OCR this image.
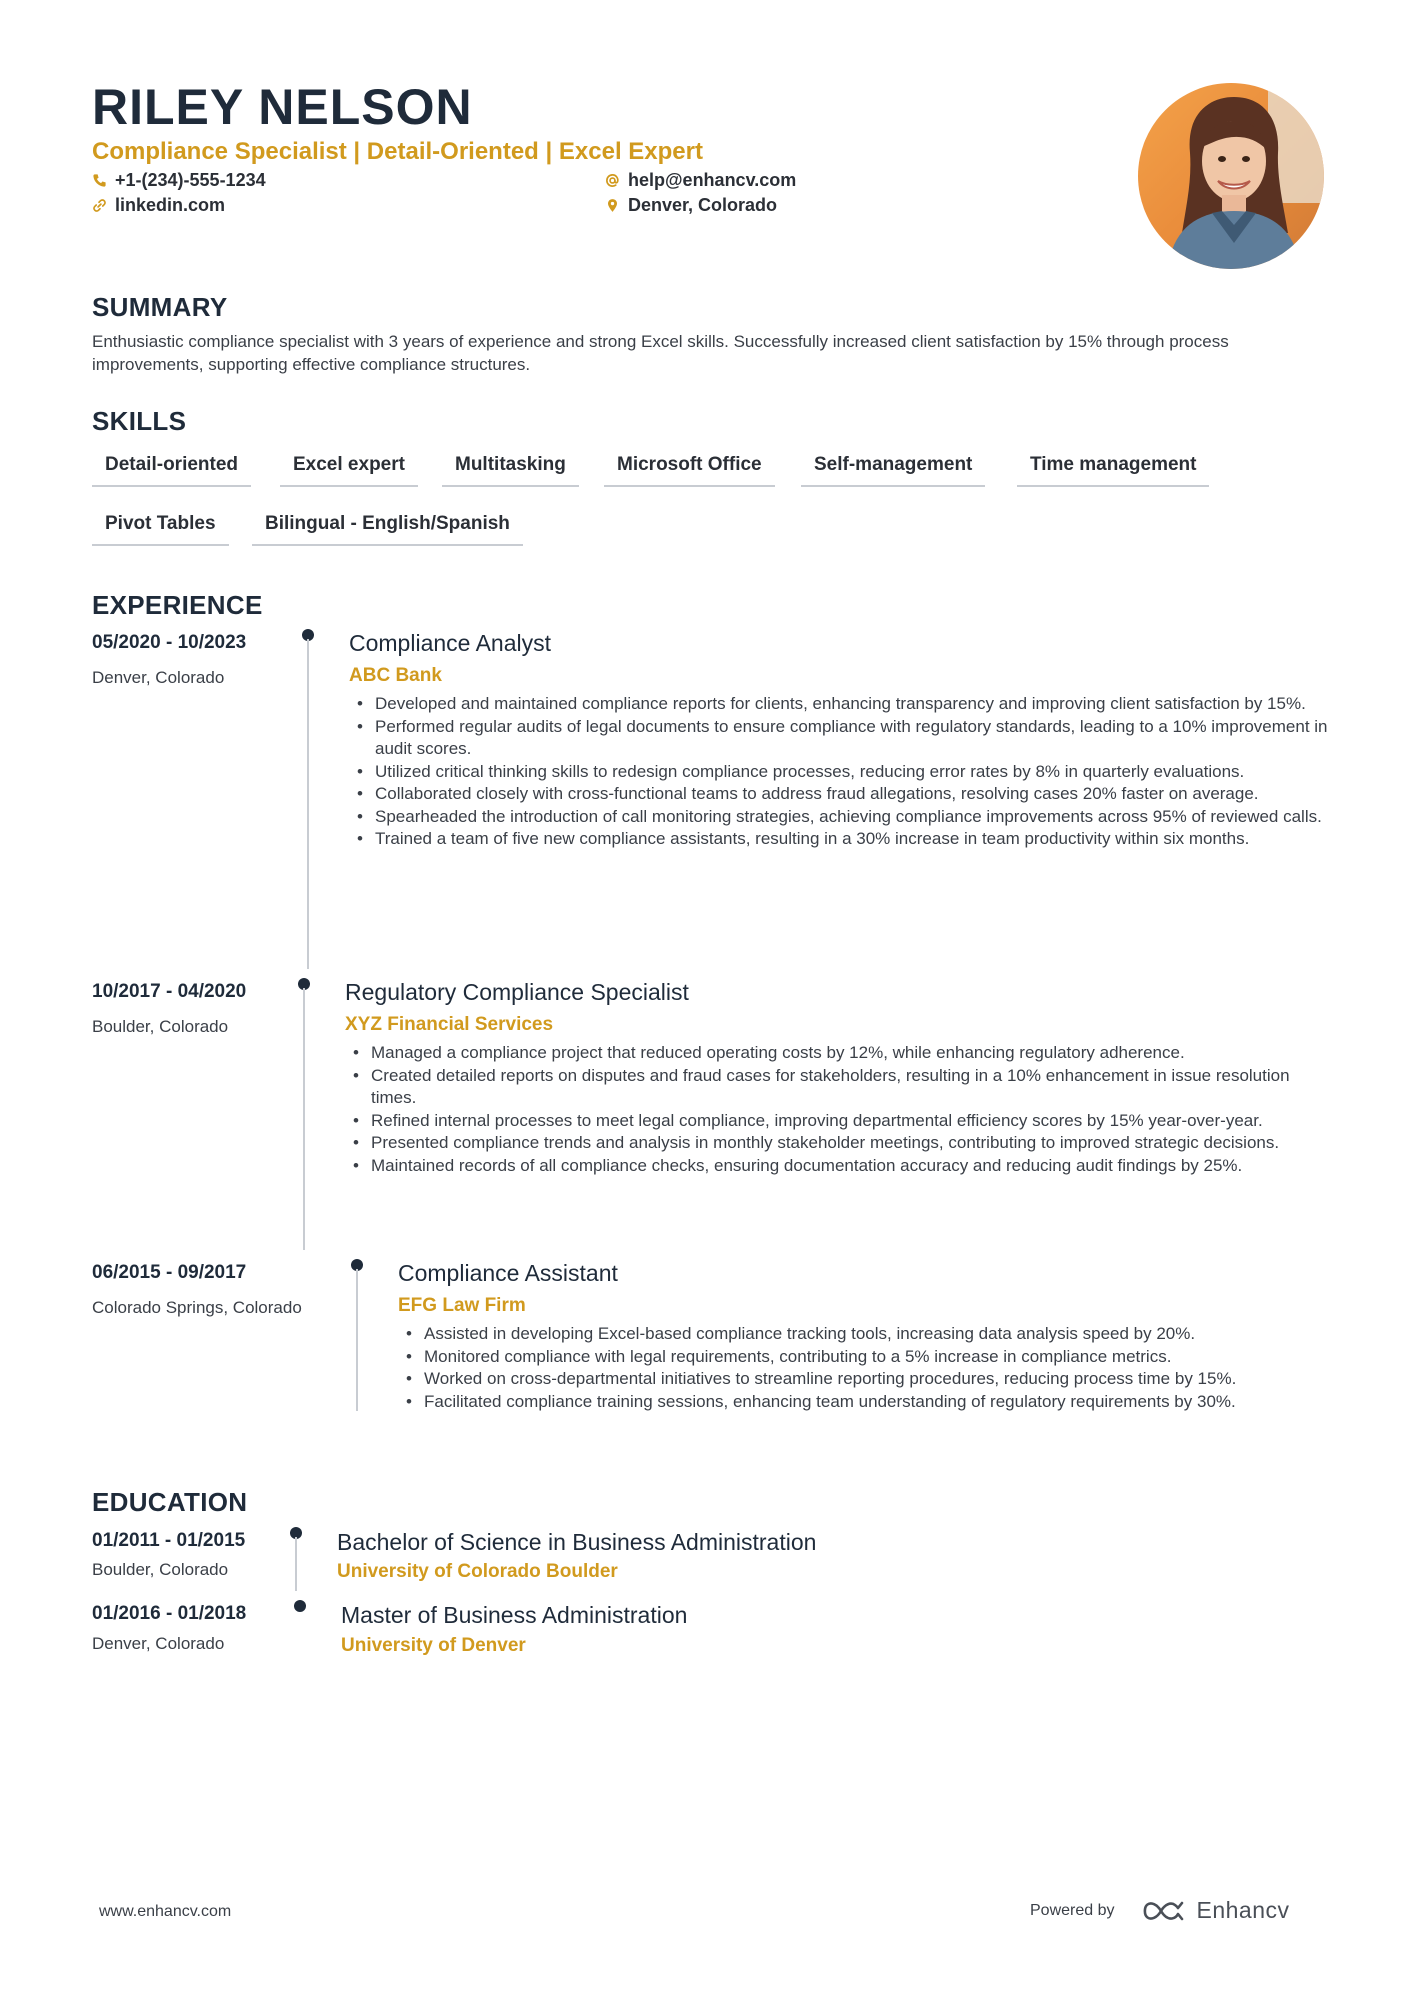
RILEY NELSON
Compliance Specialist | Detail-Oriented | Excel Expert
+1-(234)-555-1234	help@enhancv.com
linkedin.com	Denver, Colorado
SUMMARY
Enthusiastic compliance specialist with 3 years of experience and strong Excel skills. Successfully increased client satisfaction by 15% through process improvements, supporting effective compliance structures.
SKILLS
Detail-oriented	Excel expert	Multitasking	Microsoft Office	Self-management	Time management
Pivot Tables	Bilingual - English/Spanish
EXPERIENCE
05/2020 - 10/2023
Denver, Colorado
Compliance Analyst
ABC Bank
• Developed and maintained compliance reports for clients, enhancing transparency and improving client satisfaction by 15%.
• Performed regular audits of legal documents to ensure compliance with regulatory standards, leading to a 10% improvement in audit scores.
• Utilized critical thinking skills to redesign compliance processes, reducing error rates by 8% in quarterly evaluations.
• Collaborated closely with cross-functional teams to address fraud allegations, resolving cases 20% faster on average.
• Spearheaded the introduction of call monitoring strategies, achieving compliance improvements across 95% of reviewed calls.
• Trained a team of five new compliance assistants, resulting in a 30% increase in team productivity within six months.
10/2017 - 04/2020
Boulder, Colorado
Regulatory Compliance Specialist
XYZ Financial Services
• Managed a compliance project that reduced operating costs by 12%, while enhancing regulatory adherence.
• Created detailed reports on disputes and fraud cases for stakeholders, resulting in a 10% enhancement in issue resolution times.
• Refined internal processes to meet legal compliance, improving departmental efficiency scores by 15% year-over-year.
• Presented compliance trends and analysis in monthly stakeholder meetings, contributing to improved strategic decisions.
• Maintained records of all compliance checks, ensuring documentation accuracy and reducing audit findings by 25%.
06/2015 - 09/2017
Colorado Springs, Colorado
Compliance Assistant
EFG Law Firm
• Assisted in developing Excel-based compliance tracking tools, increasing data analysis speed by 20%.
• Monitored compliance with legal requirements, contributing to a 5% increase in compliance metrics.
• Worked on cross-departmental initiatives to streamline reporting procedures, reducing process time by 15%.
• Facilitated compliance training sessions, enhancing team understanding of regulatory requirements by 30%.
EDUCATION
01/2011 - 01/2015
Boulder, Colorado
Bachelor of Science in Business Administration
University of Colorado Boulder
01/2016 - 01/2018
Denver, Colorado
Master of Business Administration
University of Denver
www.enhancv.com	Powered by	Enhancv
